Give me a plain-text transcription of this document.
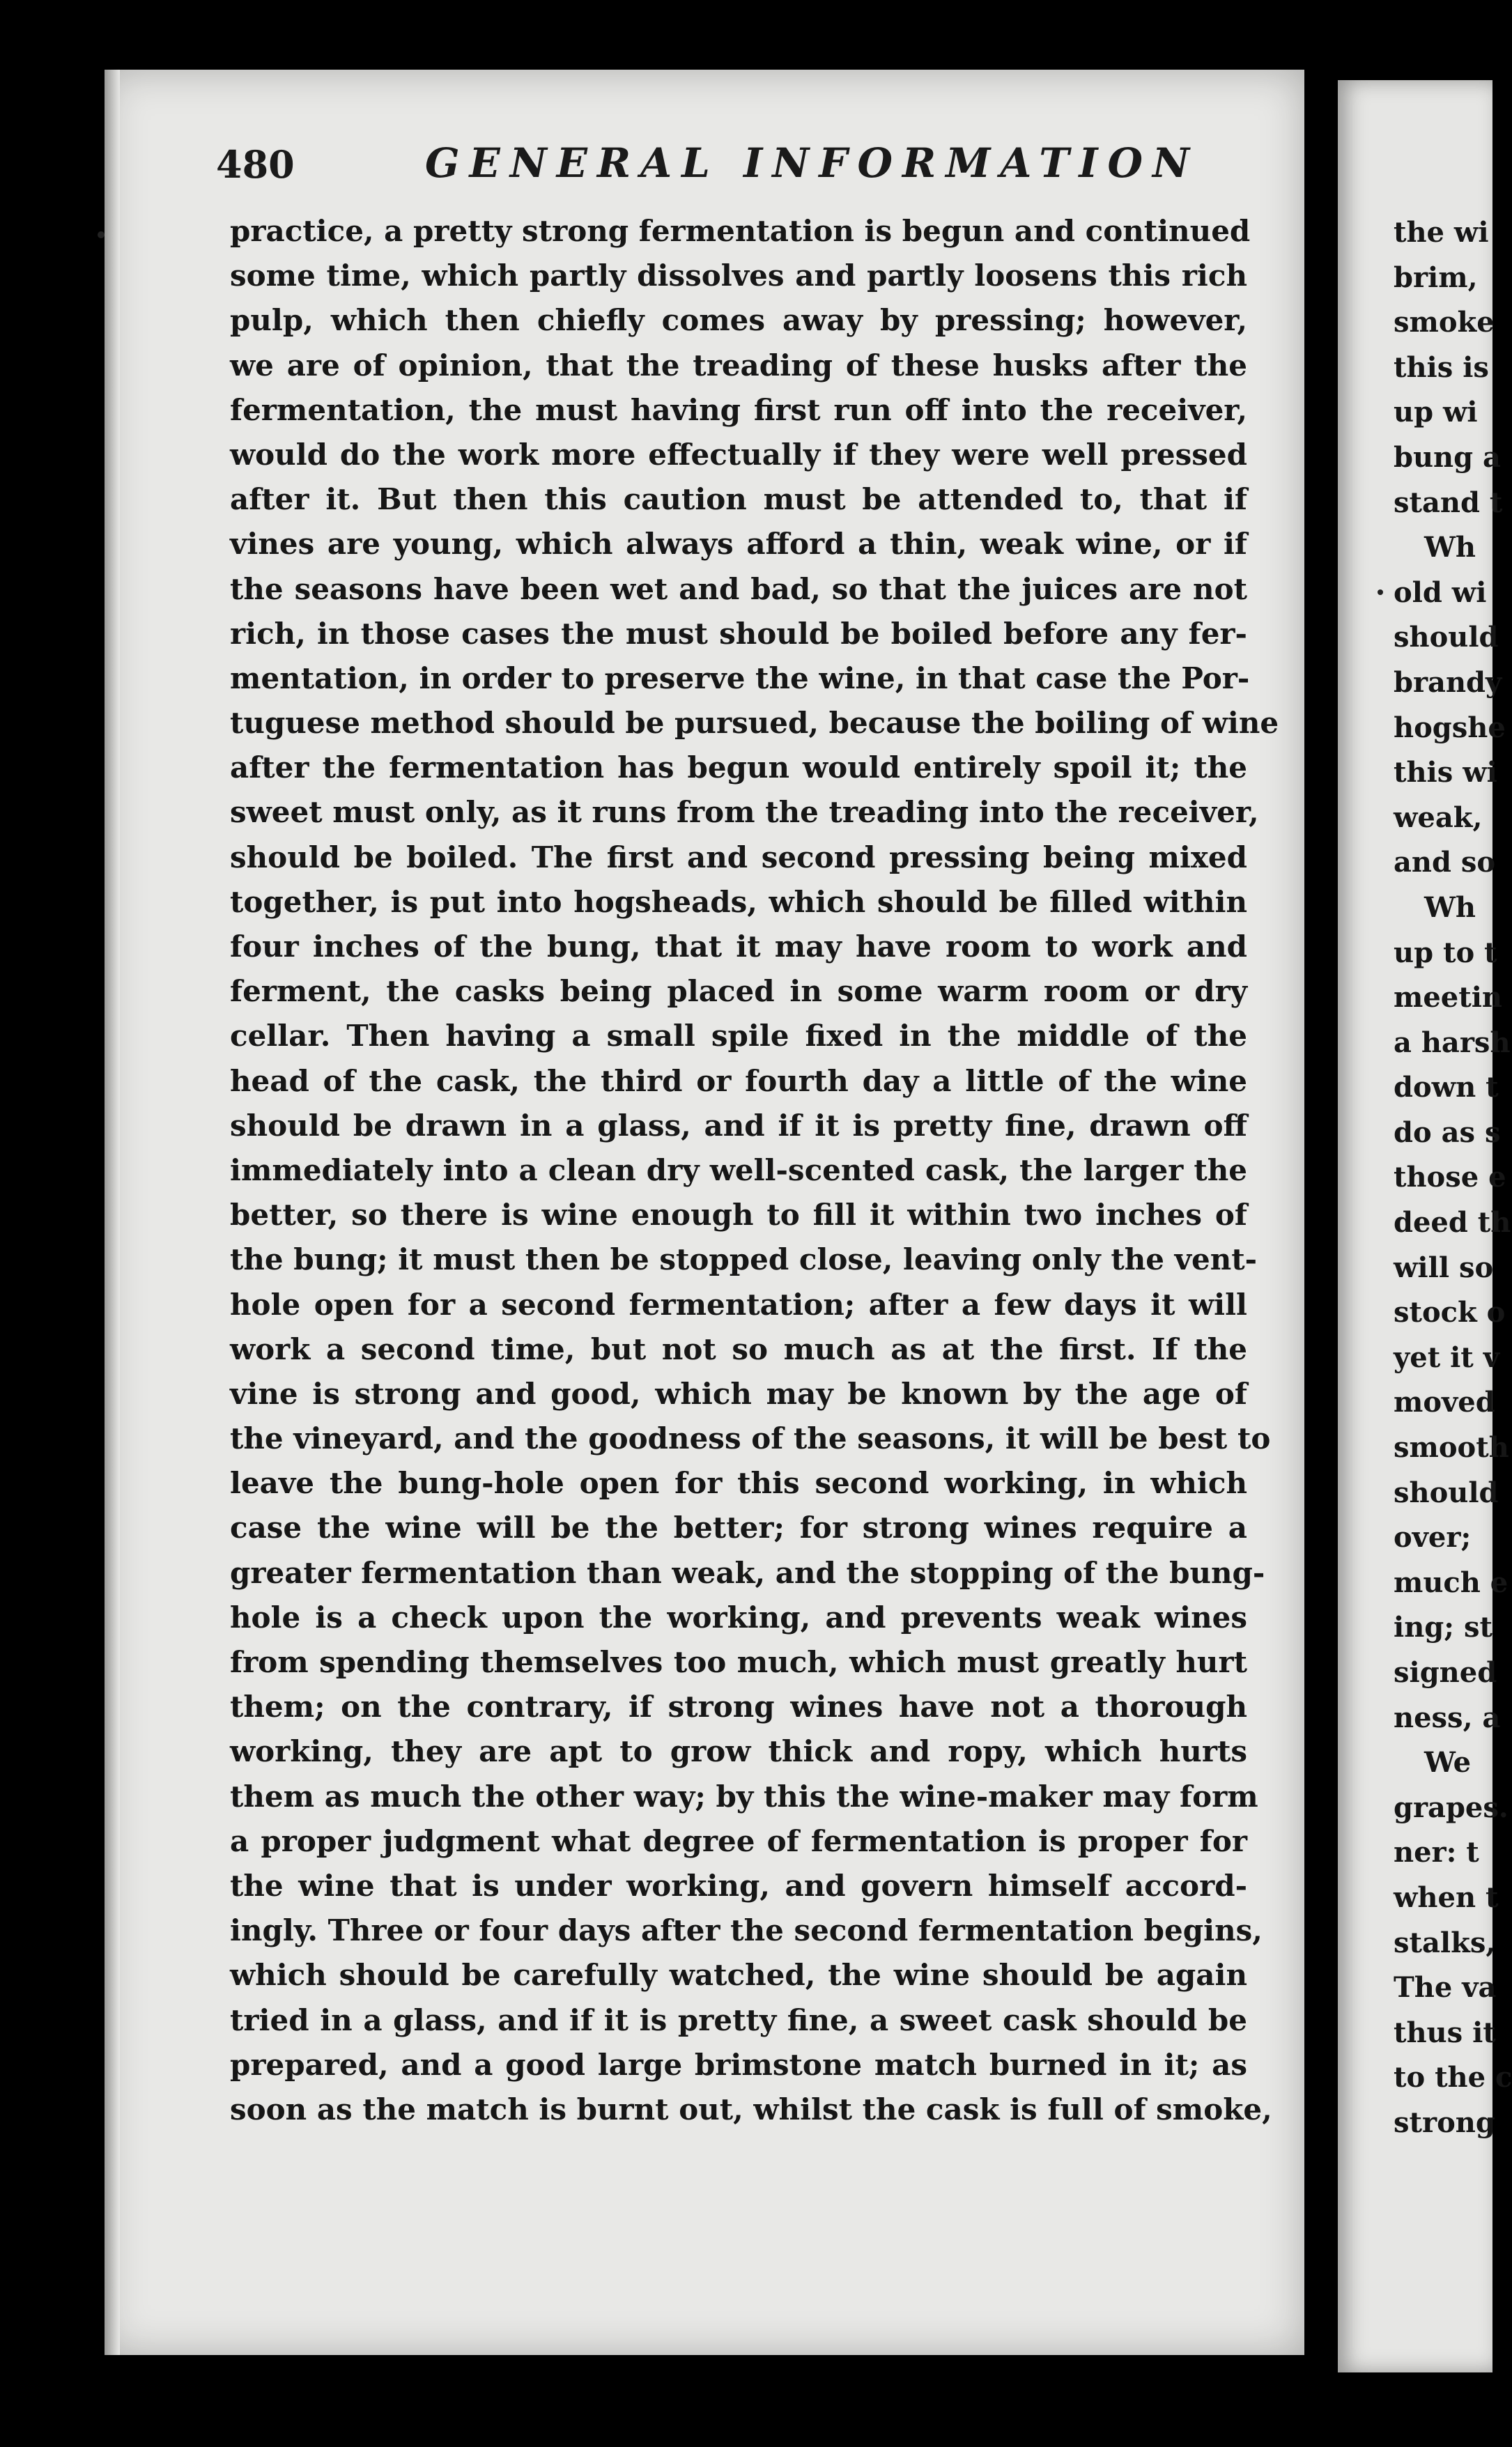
480	GENERAL INFORMATION
practice, a pretty strong fermentation is begun and continued
some time, which partly dissolves and partly loosens this rich
pulp, which then chiefly comes away by pressing; however,
we are of opinion, that the treading of these husks after the
fermentation, the must having first run off into the receiver,
would do the work more effectually if they were well pressed
after it. But then this caution must be attended to, that if
vines are young, which always afford a thin, weak wine, or if
the seasons have been wet and bad, so that the juices are not
rich, in those cases the must should be boiled before any fer-
mentation, in order to preserve the wine, in that case the Por-
tuguese method should be pursued, because the boiling of wine
after the fermentation has begun would entirely spoil it; the
sweet must only, as it runs from the treading into the receiver,
should be boiled. The first and second pressing being mixed
together, is put into hogsheads, which should be filled within
four inches of the bung, that it may have room to work and
ferment, the casks being placed in some warm room or dry
cellar. Then having a small spile fixed in the middle of the
head of the cask, the third or fourth day a little of the wine
should be drawn in a glass, and if it is pretty fine, drawn off
immediately into a clean dry well-scented cask, the larger the
better, so there is wine enough to fill it within two inches of
the bung; it must then be stopped close, leaving only the vent-
hole open for a second fermentation; after a few days it will
work a second time, but not so much as at the first. If the
vine is strong and good, which may be known by the age of
the vineyard, and the goodness of the seasons, it will be best to
leave the bung-hole open for this second working, in which
case the wine will be the better; for strong wines require a
greater fermentation than weak, and the stopping of the bung-
hole is a check upon the working, and prevents weak wines
from spending themselves too much, which must greatly hurt
them; on the contrary, if strong wines have not a thorough
working, they are apt to grow thick and ropy, which hurts
them as much the other way; by this the wine-maker may form
a proper judgment what degree of fermentation is proper for
the wine that is under working, and govern himself accord-
ingly. Three or four days after the second fermentation begins,
which should be carefully watched, the wine should be again
tried in a glass, and if it is pretty fine, a sweet cask should be
prepared, and a good large brimstone match burned in it; as
soon as the match is burnt out, whilst the cask is full of smoke,
the wi
brim,
smoke
this is
up wi
bung a
stand t
Wh
old wi
should
brandy
hogshe
this wi
weak,
and so
Wh
up to t
meetin
a harsh
down t
do as s
those e
deed th
will so
stock o
yet it v
moved
smooth
should
over;
much e
ing; st
signed
ness, a
We
grapes.
ner: t
when t
stalks,
The va
thus it
to the c
strong
